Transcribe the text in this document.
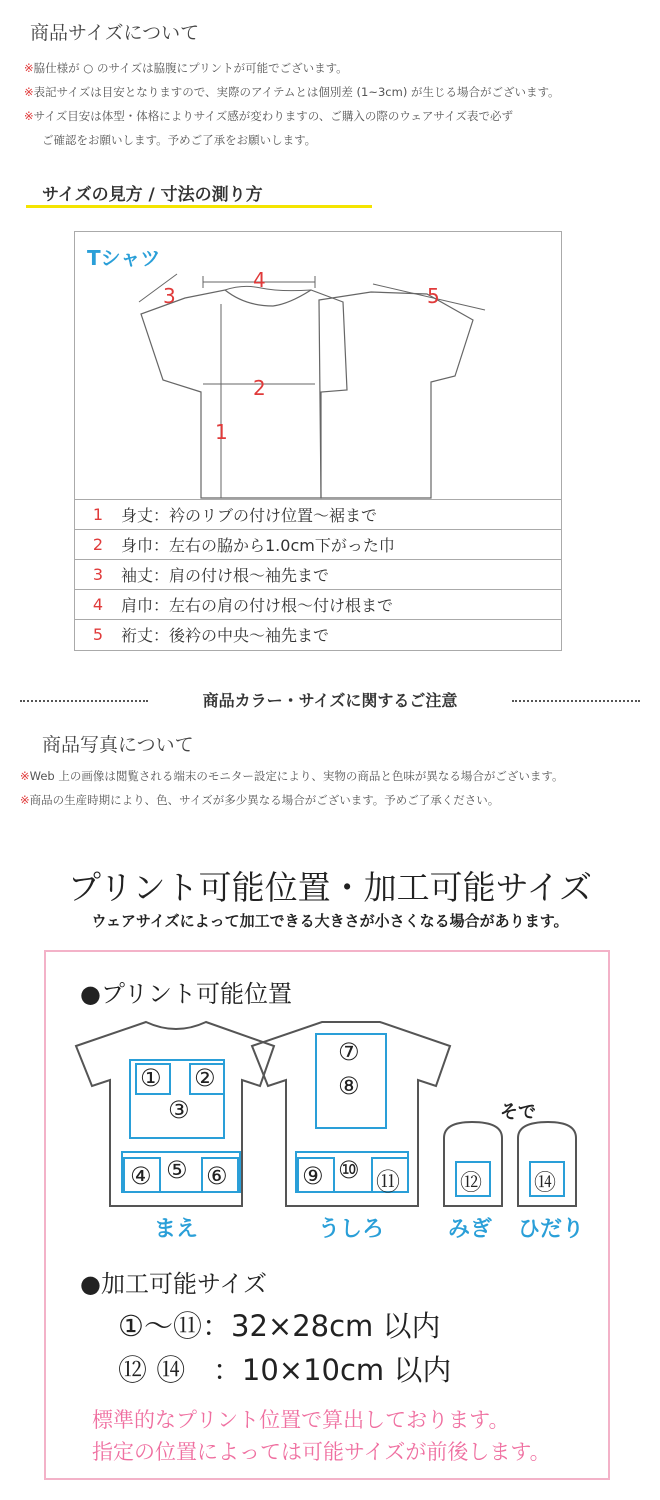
商品サイズについて
※脇仕様が ○ のサイズは脇腹にプリントが可能でございます。
※表記サイズは目安となりますので、実際のアイテムとは個別差 (1~3cm) が生じる場合がございます。
※サイズ目安は体型・体格によりサイズ感が変わりますの、ご購入の際のウェアサイズ表で必ず
ご確認をお願いします。予めご了承をお願いします。
サイズの見方 / 寸法の測り方
Tシャツ
3
4
5
2
1
1	身丈：衿のリブの付け位置〜裾まで
2	身巾：左右の脇から1.0cm下がった巾
3	袖丈：肩の付け根〜袖先まで
4	肩巾：左右の肩の付け根〜付け根まで
5	裄丈：後衿の中央〜袖先まで
商品カラー・サイズに関するご注意
商品写真について
※Web 上の画像は閲覧される端末のモニター設定により、実物の商品と色味が異なる場合がございます。
※商品の生産時期により、色、サイズが多少異なる場合がございます。予めご了承ください。
プリント可能位置・加工可能サイズ
ウェアサイズによって加工できる大きさが小さくなる場合があります。
●プリント可能位置
① ②
③
④ ⑤ ⑥
⑦
⑧
⑨ ⑩ ⑪	⑫ ⑭
そで
まえ	うしろ	みぎ ひだり
●加工可能サイズ
①〜⑪：32×28cm 以内
⑫ ⑭   ：10×10cm 以内
標準的なプリント位置で算出しております。
指定の位置によっては可能サイズが前後します。
